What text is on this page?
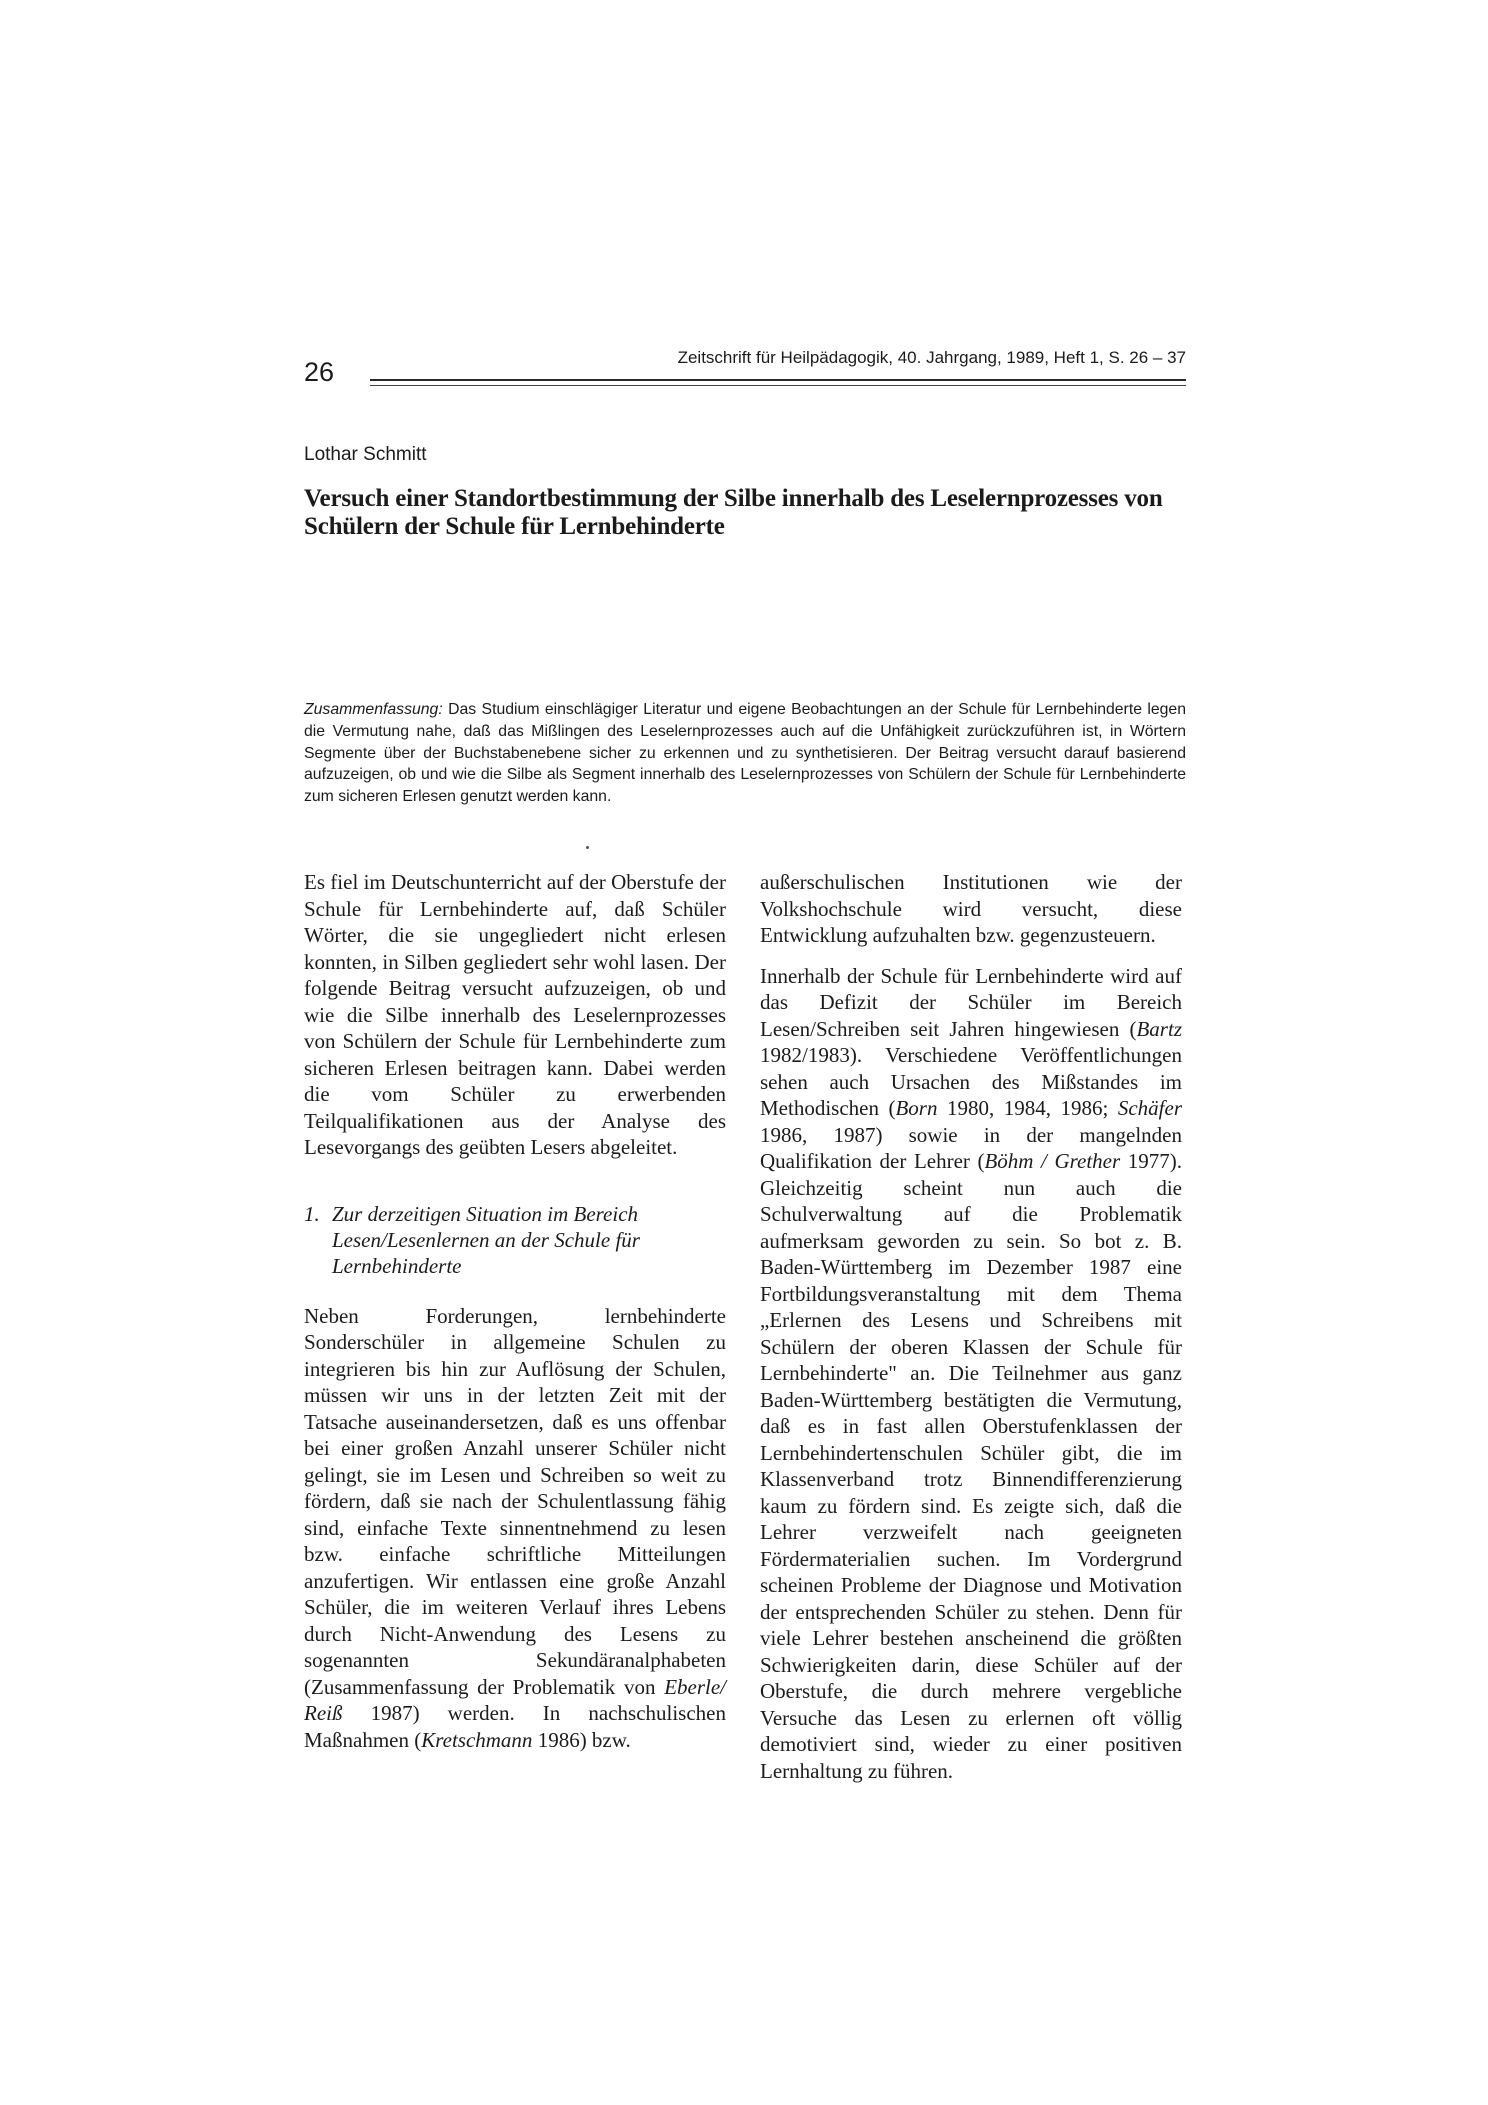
26	Zeitschrift für Heilpädagogik, 40. Jahrgang, 1989, Heft 1, S. 26 – 37
Lothar Schmitt
Versuch einer Standortbestimmung der Silbe innerhalb des Leselernprozesses von Schülern der Schule für Lernbehinderte

Zusammenfassung: Das Studium einschlägiger Literatur und eigene Beobachtungen an der Schule für Lernbehinderte legen die Vermutung nahe, daß das Mißlingen des Leselernprozesses auch auf die Unfähigkeit zurückzuführen ist, in Wörtern Segmente über der Buchstabenebene sicher zu erkennen und zu synthetisieren. Der Beitrag versucht darauf basierend aufzuzeigen, ob und wie die Silbe als Segment innerhalb des Leselernprozesses von Schülern der Schule für Lernbehinderte zum sicheren Erlesen genutzt werden kann.

Es fiel im Deutschunterricht auf der Oberstufe der Schule für Lernbehinderte auf, daß Schüler Wörter, die sie ungegliedert nicht erlesen konnten, in Silben gegliedert sehr wohl lasen. Der folgende Beitrag versucht aufzuzeigen, ob und wie die Silbe innerhalb des Leselernprozesses von Schülern der Schule für Lernbehinderte zum sicheren Erlesen beitragen kann. Dabei werden die vom Schüler zu erwerbenden Teilqualifikationen aus der Analyse des Lesevorgangs des geübten Lesers abgeleitet.

1. Zur derzeitigen Situation im Bereich Lesen/Lesenlernen an der Schule für Lernbehinderte

Neben Forderungen, lernbehinderte Sonderschüler in allgemeine Schulen zu integrieren bis hin zur Auflösung der Schulen, müssen wir uns in der letzten Zeit mit der Tatsache auseinandersetzen, daß es uns offenbar bei einer großen Anzahl unserer Schüler nicht gelingt, sie im Lesen und Schreiben so weit zu fördern, daß sie nach der Schulentlassung fähig sind, einfache Texte sinnentnehmend zu lesen bzw. einfache schriftliche Mitteilungen anzufertigen. Wir entlassen eine große Anzahl Schüler, die im weiteren Verlauf ihres Lebens durch Nicht-Anwendung des Lesens zu sogenannten Sekundäranalphabeten (Zusammenfassung der Problematik von Eberle/ Reiß 1987) werden. In nachschulischen Maßnahmen (Kretschmann 1986) bzw.

außerschulischen Institutionen wie der Volkshochschule wird versucht, diese Entwicklung aufzuhalten bzw. gegenzusteuern.

Innerhalb der Schule für Lernbehinderte wird auf das Defizit der Schüler im Bereich Lesen/Schreiben seit Jahren hingewiesen (Bartz 1982/1983). Verschiedene Veröffentlichungen sehen auch Ursachen des Mißstandes im Methodischen (Born 1980, 1984, 1986; Schäfer 1986, 1987) sowie in der mangelnden Qualifikation der Lehrer (Böhm / Grether 1977). Gleichzeitig scheint nun auch die Schulverwaltung auf die Problematik aufmerksam geworden zu sein. So bot z. B. Baden-Württemberg im Dezember 1987 eine Fortbildungsveranstaltung mit dem Thema „Erlernen des Lesens und Schreibens mit Schülern der oberen Klassen der Schule für Lernbehinderte" an. Die Teilnehmer aus ganz Baden-Württemberg bestätigten die Vermutung, daß es in fast allen Oberstufenklassen der Lernbehindertenschulen Schüler gibt, die im Klassenverband trotz Binnendifferenzierung kaum zu fördern sind. Es zeigte sich, daß die Lehrer verzweifelt nach geeigneten Fördermaterialien suchen. Im Vordergrund scheinen Probleme der Diagnose und Motivation der entsprechenden Schüler zu stehen. Denn für viele Lehrer bestehen anscheinend die größten Schwierigkeiten darin, diese Schüler auf der Oberstufe, die durch mehrere vergebliche Versuche das Lesen zu erlernen oft völlig demotiviert sind, wieder zu einer positiven Lernhaltung zu führen.
